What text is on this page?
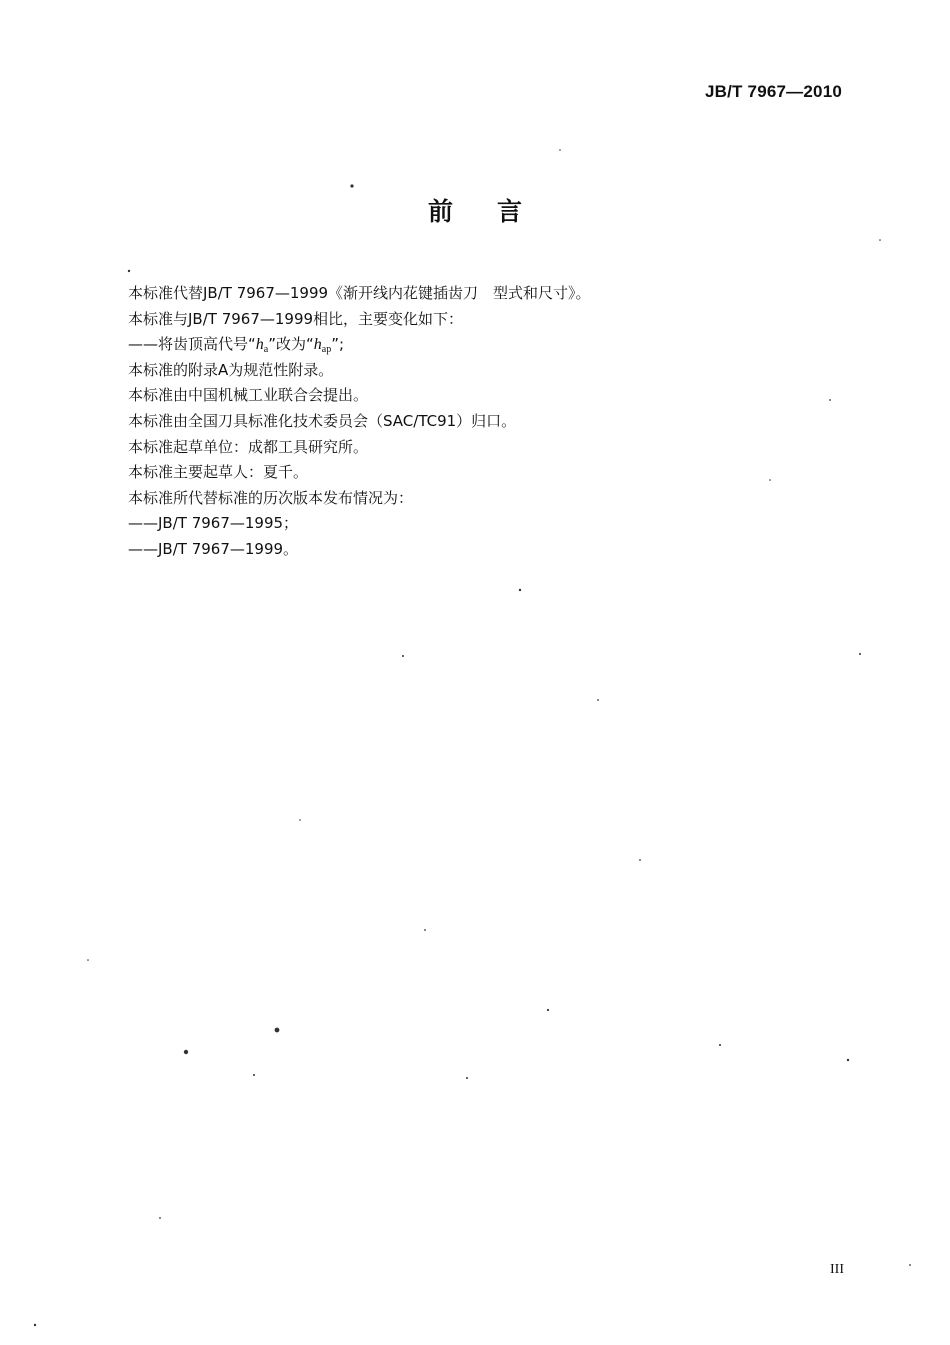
JB/T 7967—2010
前 言
本标准代替JB/T 7967—1999《渐开线内花键插齿刀　型式和尺寸》。
本标准与JB/T 7967—1999相比，主要变化如下：
——将齿顶高代号“$h_a$”改为“$h_{ap}$”;
本标准的附录A为规范性附录。
本标准由中国机械工业联合会提出。
本标准由全国刀具标准化技术委员会（SAC/TC91）归口。
本标准起草单位：成都工具研究所。
本标准主要起草人：夏千。
本标准所代替标准的历次版本发布情况为：
——JB/T 7967—1995；
——JB/T 7967—1999。
III
